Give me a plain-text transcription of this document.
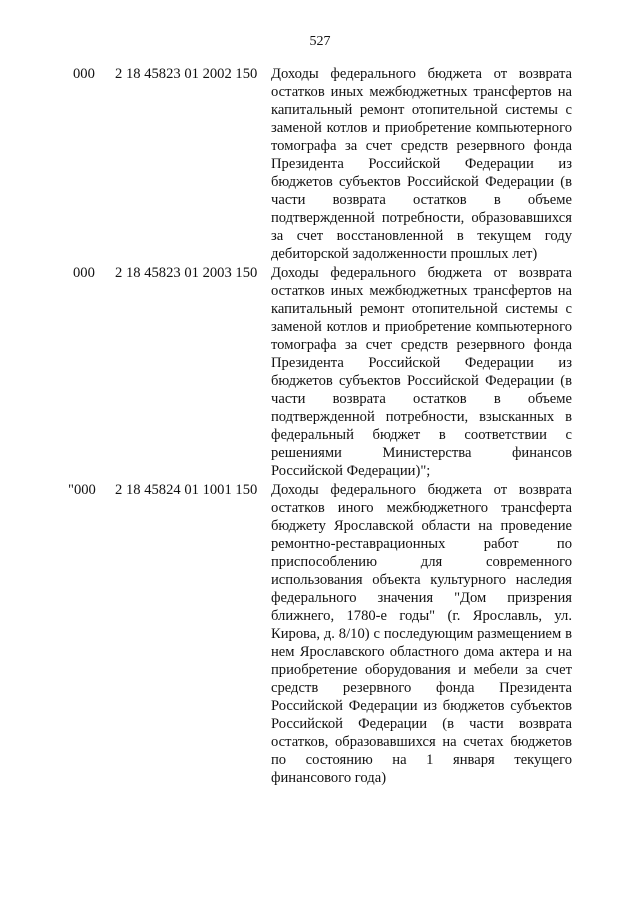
527
000 2 18 45823 01 2002 150 Доходы федерального бюджета от возврата остатков иных межбюджетных трансфертов на капитальный ремонт отопительной системы с заменой котлов и приобретение компьютерного томографа за счет средств резервного фонда Президента Российской Федерации из бюджетов субъектов Российской Федерации (в части возврата остатков в объеме подтвержденной потребности, образовавшихся за счет восстановленной в текущем году дебиторской задолженности прошлых лет)
000 2 18 45823 01 2003 150 Доходы федерального бюджета от возврата остатков иных межбюджетных трансфертов на капитальный ремонт отопительной системы с заменой котлов и приобретение компьютерного томографа за счет средств резервного фонда Президента Российской Федерации из бюджетов субъектов Российской Федерации (в части возврата остатков в объеме подтвержденной потребности, взысканных в федеральный бюджет в соответствии с решениями Министерства финансов Российской Федерации)";
"000 2 18 45824 01 1001 150 Доходы федерального бюджета от возврата остатков иного межбюджетного трансферта бюджету Ярославской области на проведение ремонтно-реставрационных работ по приспособлению для современного использования объекта культурного наследия федерального значения "Дом призрения ближнего, 1780-е годы" (г. Ярославль, ул. Кирова, д. 8/10) с последующим размещением в нем Ярославского областного дома актера и на приобретение оборудования и мебели за счет средств резервного фонда Президента Российской Федерации из бюджетов субъектов Российской Федерации (в части возврата остатков, образовавшихся на счетах бюджетов по состоянию на 1 января текущего финансового года)
